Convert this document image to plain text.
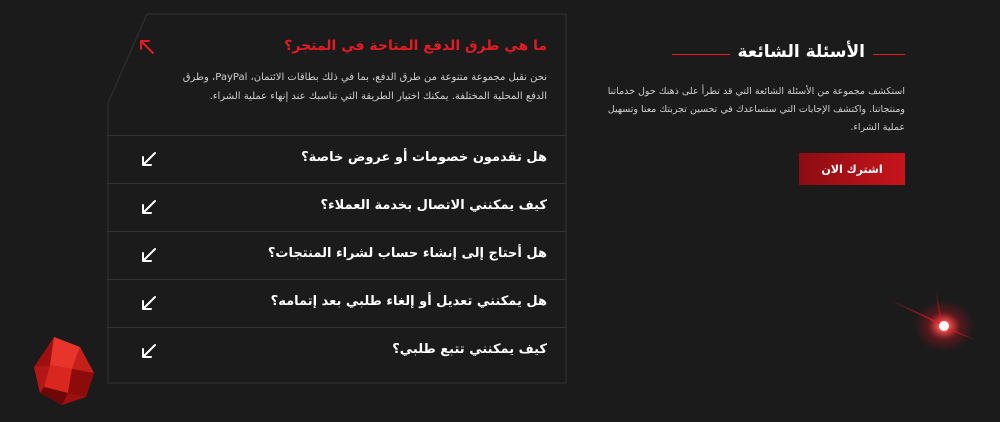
ما هي طرق الدفع المتاحة في المتجر؟
نحن نقبل مجموعة متنوعة من طرق الدفع، بما في ذلك بطاقات الائتمان، PayPal، وطرق الدفع المحلية المختلفة. يمكنك اختيار الطريقة التي تناسبك عند إنهاء عملية الشراء.
هل تقدمون خصومات أو عروض خاصة؟
كيف يمكنني الاتصال بخدمة العملاء؟
هل أحتاج إلى إنشاء حساب لشراء المنتجات؟
هل يمكنني تعديل أو إلغاء طلبي بعد إتمامه؟
كيف يمكنني تتبع طلبي؟
الأسئلة الشائعة
استكشف مجموعة من الأسئلة الشائعة التي قد تطرأ على ذهنك حول خدماتنا ومنتجاتنا. واكتشف الإجابات التي ستساعدك في تحسين تجربتك معنا وتسهيل عملية الشراء.
اشترك الان
